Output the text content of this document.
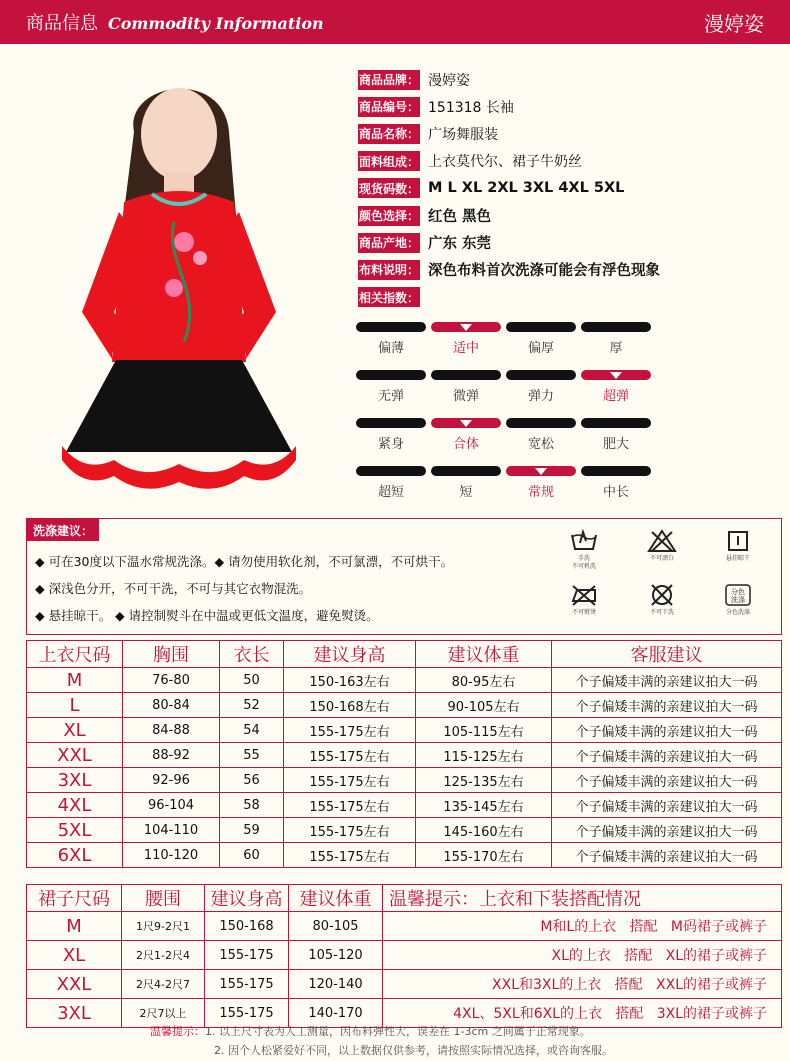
商品信息 Commodity Information	漫婷姿
商品品牌 ：	漫婷姿
商品编号 ：	151318 长袖
商品名称 ：	广场舞服装
面料组成 ：	上衣莫代尔、裙子牛奶丝
现货码数 ：	M L XL 2XL 3XL 4XL 5XL
颜色选择 ：	红色 黑色
商品产地 ：	广东 东莞
布料说明 ：	深色布料首次洗涤可能会有浮色现象
相关指数 ：
偏薄	适中	偏厚	厚
无弹	微弹	弹力	超弹
紧身	合体	宽松	肥大
超短	短	常规	中长
洗涤建议：
◆ 可在30度以下温水常规洗涤。◆ 请勿使用软化剂，不可氯漂，不可烘干。
◆ 深浅色分开，不可干洗，不可与其它衣物混洗。
◆ 悬挂晾干。 ◆ 请控制熨斗在中温或更低文温度，避免熨烫。
手洗
不可机洗
不可漂白	悬挂晾干
不可熨烫	不可干洗
分色
洗涤
分色洗涤
上衣尺码	胸围	衣长	建议身高	建议体重	客服建议
M	76-80	50	150-163左右	80-95左右	个子偏矮丰满的亲建议拍大一码
L	80-84	52	150-168左右	90-105左右	个子偏矮丰满的亲建议拍大一码
XL	84-88	54	155-175左右	105-115左右	个子偏矮丰满的亲建议拍大一码
XXL	88-92	55	155-175左右	115-125左右	个子偏矮丰满的亲建议拍大一码
3XL	92-96	56	155-175左右	125-135左右	个子偏矮丰满的亲建议拍大一码
4XL	96-104	58	155-175左右	135-145左右	个子偏矮丰满的亲建议拍大一码
5XL	104-110	59	155-175左右	145-160左右	个子偏矮丰满的亲建议拍大一码
6XL	110-120	60	155-175左右	155-170左右	个子偏矮丰满的亲建议拍大一码
裙子尺码	腰围	建议身高	建议体重	温馨提示：上衣和下装搭配情况
M	1尺9-2尺1	150-168	80-105	M和L的上衣   搭配   M码裙子或裤子
XL	2尺1-2尺4	155-175	105-120	XL的上衣   搭配   XL的裙子或裤子
XXL	2尺4-2尺7	155-175	120-140	XXL和3XL的上衣   搭配   XXL的裙子或裤子
3XL	2尺7以上	155-175	140-170	4XL、5XL和6XL的上衣   搭配   3XL的裙子或裤子
温馨提示：1. 以上尺寸表为人工测量，因布料弹性大，误差在 1-3cm 之间属于正常现象。
2. 因个人松紧爱好不同，以上数据仅供参考，请按照实际情况选择，或咨询客服。
